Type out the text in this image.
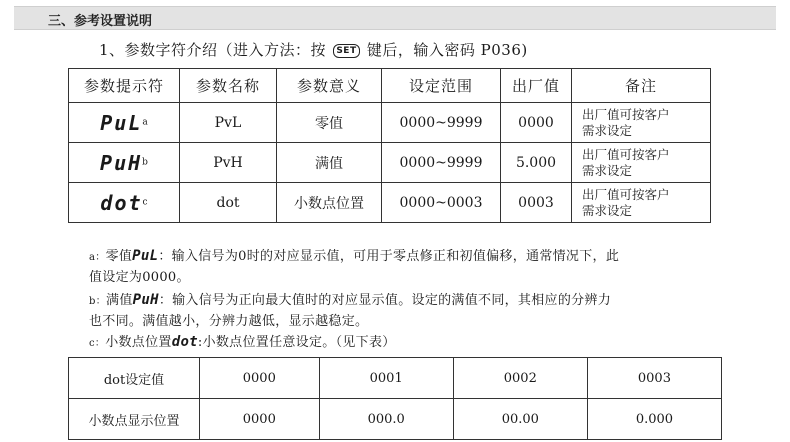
三、参考设置说明
1、参数字符介绍（进入方法：按 SET 键后，输入密码 P036)
参数提示符	参数名称	参数意义	设定范围	出厂值	备注
PuL$^a$	PvL	零值	0000~9999	0000	出厂值可按客户
需求设定
PuH$^b$	PvH	满值	0000~9999	5.000	出厂值可按客户
需求设定
dot$^c$	dot	小数点位置	0000~0003	0003	出厂值可按客户
需求设定
a：零值PuL：输入信号为0时的对应显示值，可用于零点修正和初值偏移，通常情况下，此
值设定为0000。
b：满值PuH：输入信号为正向最大值时的对应显示值。设定的满值不同，其相应的分辨力
也不同。满值越小，分辨力越低，显示越稳定。
c：小数点位置dot:小数点位置任意设定。（见下表）
dot设定值	0000	0001	0002	0003
小数点显示位置	0000	000.0	00.00	0.000
